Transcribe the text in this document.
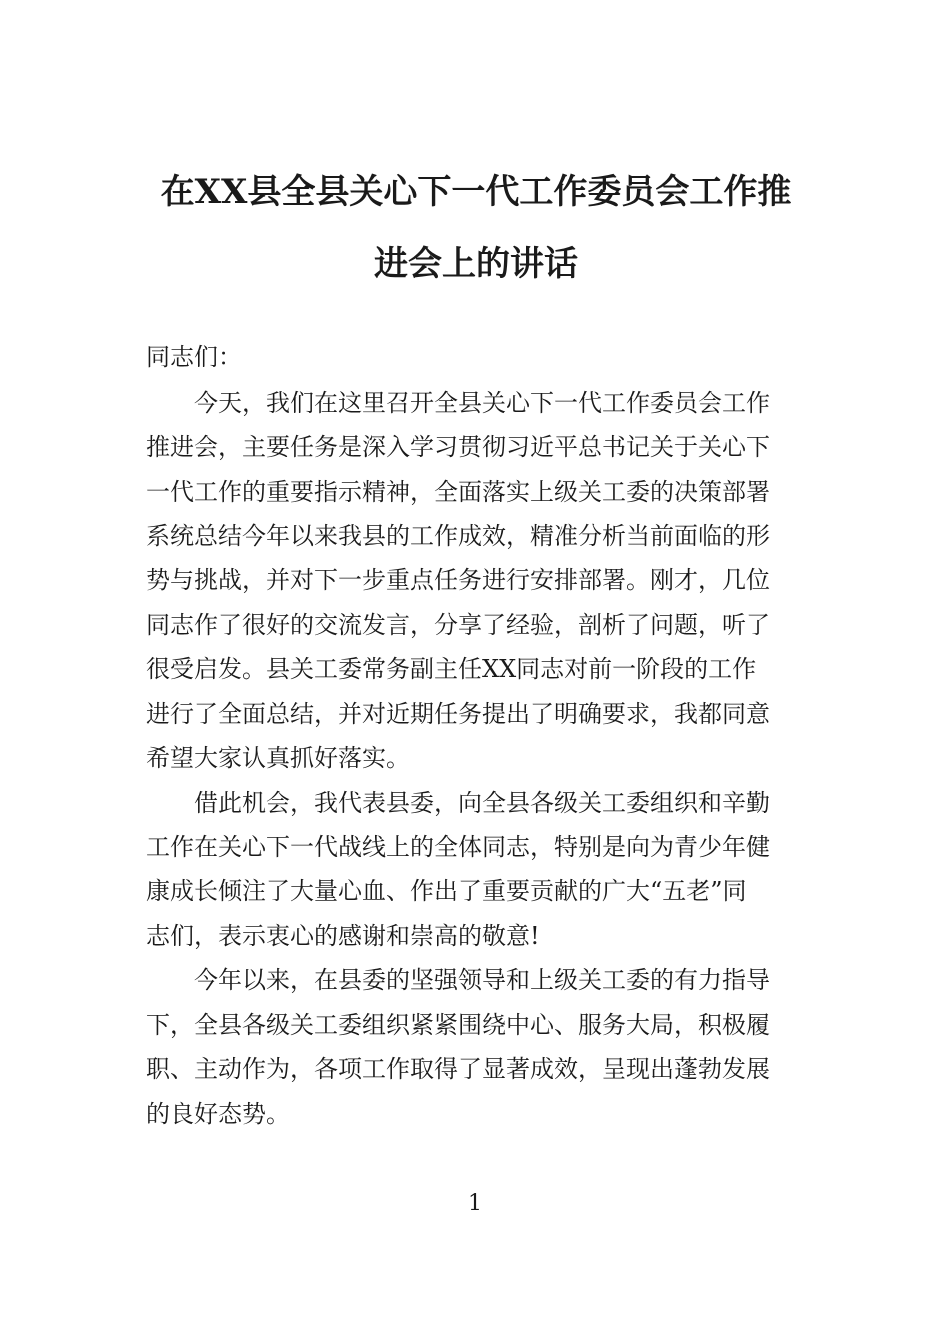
在XX县全县关心下一代工作委员会工作推
进会上的讲话
同志们：
　　今天，我们在这里召开全县关心下一代工作委员会工作
推进会，主要任务是深入学习贯彻习近平总书记关于关心下
一代工作的重要指示精神，全面落实上级关工委的决策部署
系统总结今年以来我县的工作成效，精准分析当前面临的形
势与挑战，并对下一步重点任务进行安排部署。刚才，几位
同志作了很好的交流发言，分享了经验，剖析了问题，听了
很受启发。县关工委常务副主任XX同志对前一阶段的工作
进行了全面总结，并对近期任务提出了明确要求，我都同意
希望大家认真抓好落实。
　　借此机会，我代表县委，向全县各级关工委组织和辛勤
工作在关心下一代战线上的全体同志，特别是向为青少年健
康成长倾注了大量心血、作出了重要贡献的广大“五老”同
志们，表示衷心的感谢和崇高的敬意!
　　今年以来，在县委的坚强领导和上级关工委的有力指导
下，全县各级关工委组织紧紧围绕中心、服务大局，积极履
职、主动作为，各项工作取得了显著成效，呈现出蓬勃发展
的良好态势。
1
